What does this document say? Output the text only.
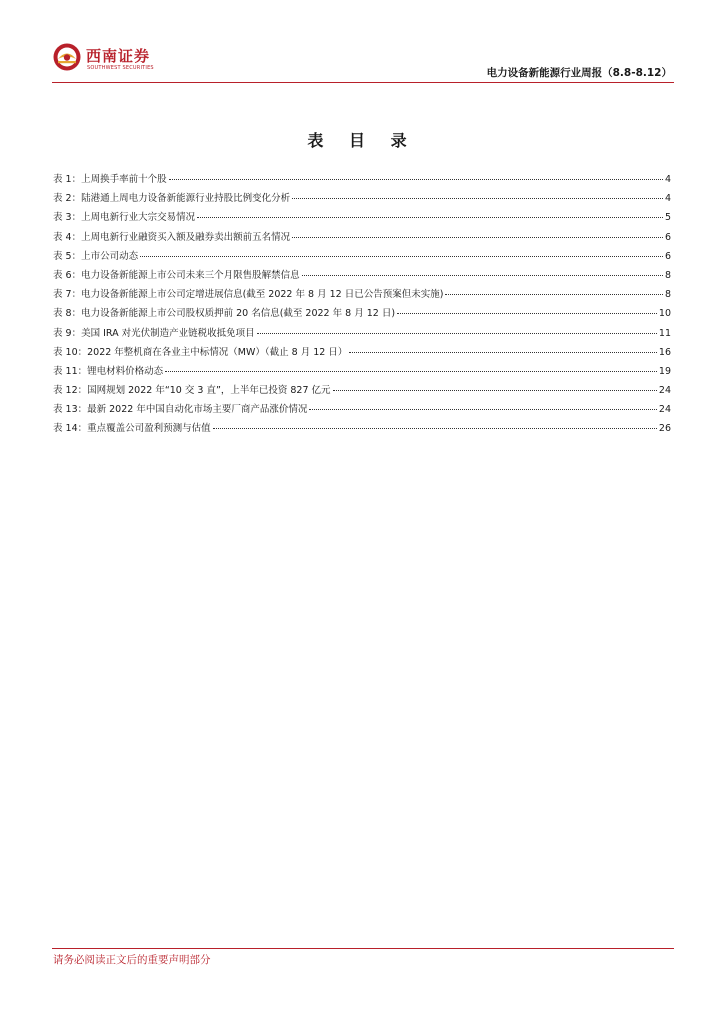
西南证券
SOUTHWEST SECURITIES	电力设备新能源行业周报（8.8-8.12）
表 目 录
表 1：上周换手率前十个股	4
表 2：陆港通上周电力设备新能源行业持股比例变化分析	4
表 3：上周电新行业大宗交易情况	5
表 4：上周电新行业融资买入额及融券卖出额前五名情况	6
表 5：上市公司动态	6
表 6：电力设备新能源上市公司未来三个月限售股解禁信息	8
表 7：电力设备新能源上市公司定增进展信息(截至 2022 年 8 月 12 日已公告预案但未实施)	8
表 8：电力设备新能源上市公司股权质押前 20 名信息(截至 2022 年 8 月 12 日)	10
表 9：美国 IRA 对光伏制造产业链税收抵免项目	11
表 10：2022 年整机商在各业主中标情况（MW）（截止 8 月 12 日）	16
表 11：锂电材料价格动态	19
表 12：国网规划 2022 年“10 交 3 直”，上半年已投资 827 亿元	24
表 13：最新 2022 年中国自动化市场主要厂商产品涨价情况	24
表 14：重点覆盖公司盈利预测与估值	26
请务必阅读正文后的重要声明部分
